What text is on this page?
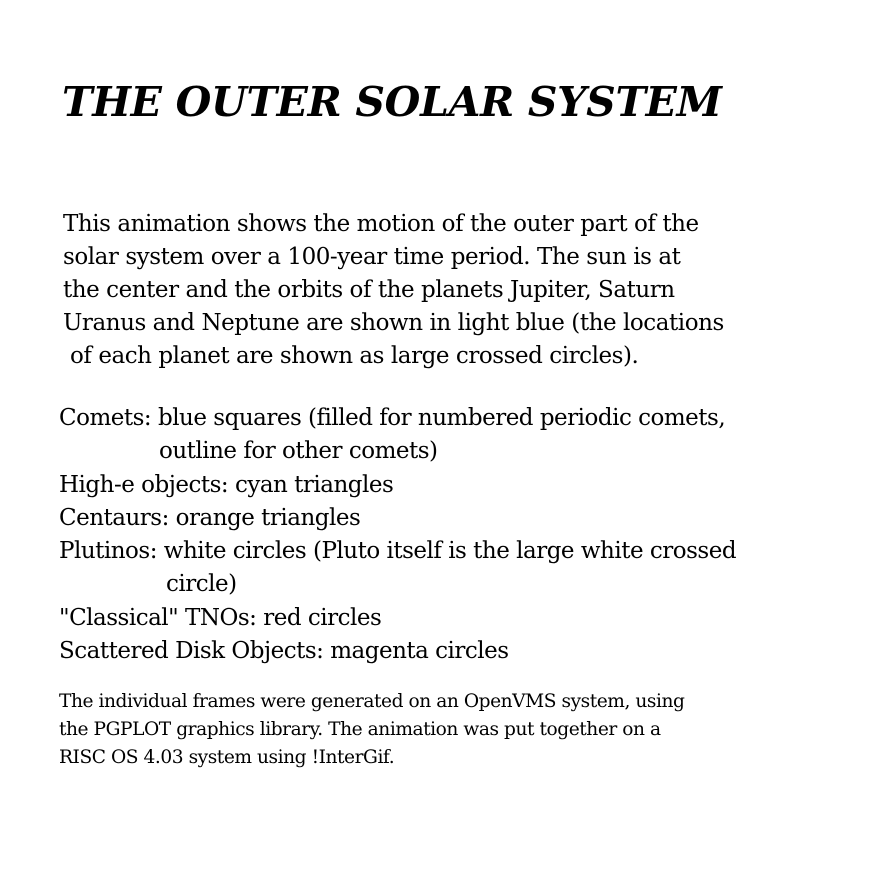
THE OUTER SOLAR SYSTEM
This animation shows the motion of the outer part of the
solar system over a 100-year time period. The sun is at
the center and the orbits of the planets Jupiter, Saturn
Uranus and Neptune are shown in light blue (the locations
of each planet are shown as large crossed circles).
Comets: blue squares (filled for numbered periodic comets,
outline for other comets)
High-e objects: cyan triangles
Centaurs: orange triangles
Plutinos: white circles (Pluto itself is the large white crossed
circle)
"Classical" TNOs: red circles
Scattered Disk Objects: magenta circles
The individual frames were generated on an OpenVMS system, using
the PGPLOT graphics library. The animation was put together on a
RISC OS 4.03 system using !InterGif.
